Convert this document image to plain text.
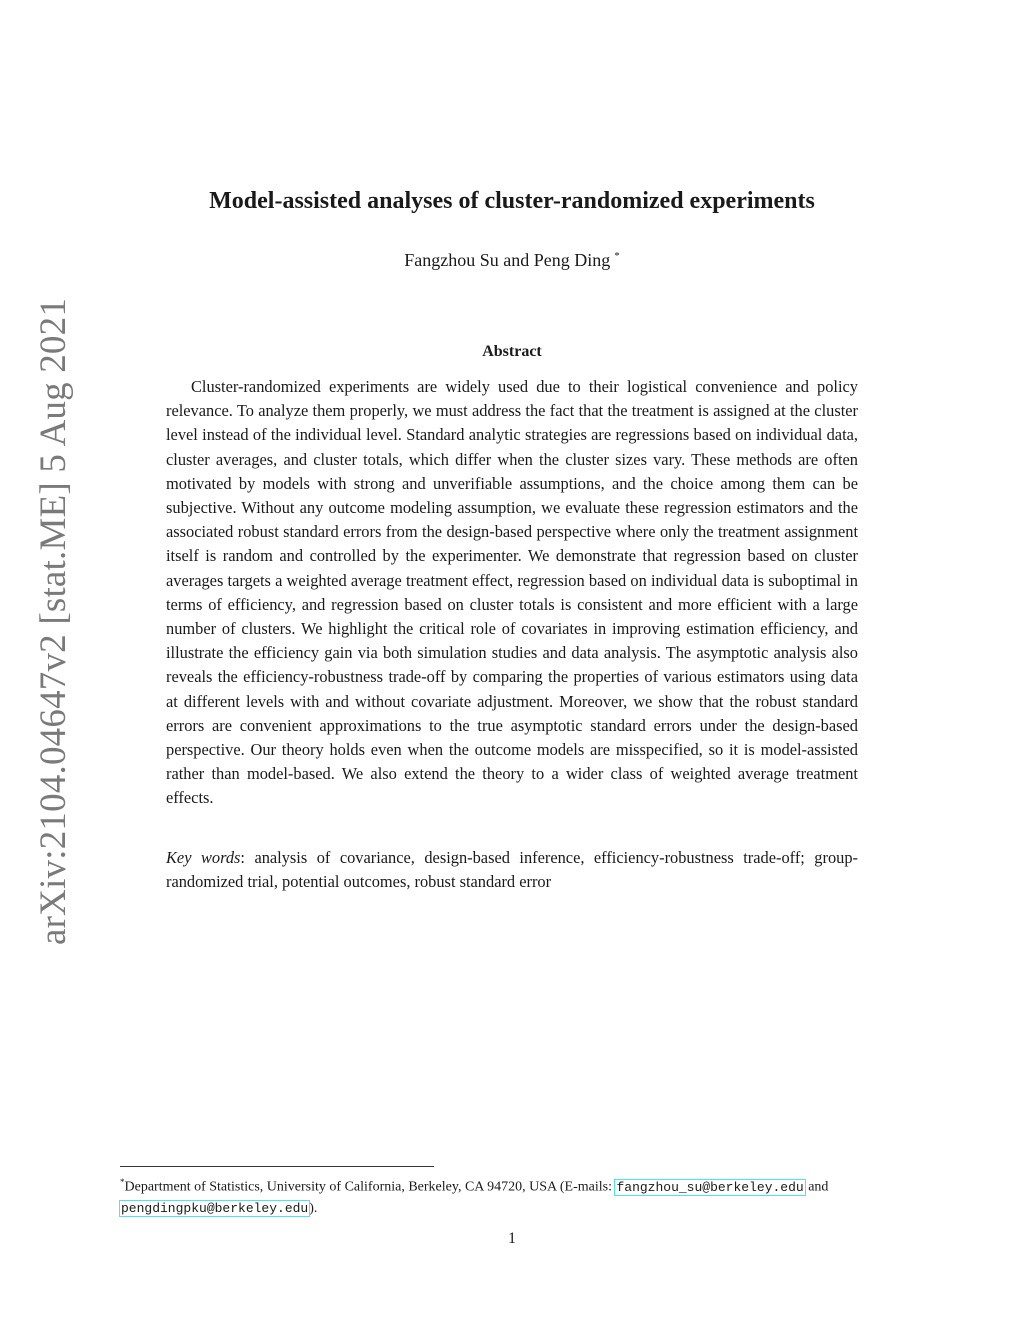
arXiv:2104.04647v2 [stat.ME] 5 Aug 2021
Model-assisted analyses of cluster-randomized experiments
Fangzhou Su and Peng Ding *
Abstract
Cluster-randomized experiments are widely used due to their logistical convenience and policy relevance. To analyze them properly, we must address the fact that the treatment is assigned at the cluster level instead of the individual level. Standard analytic strategies are regressions based on individual data, cluster averages, and cluster totals, which differ when the cluster sizes vary. These methods are often motivated by models with strong and unverifiable assumptions, and the choice among them can be subjective. Without any outcome modeling assumption, we evaluate these regression estimators and the associated robust standard errors from the design-based perspective where only the treatment assignment itself is random and controlled by the experimenter. We demonstrate that regression based on cluster averages targets a weighted average treatment effect, regression based on individual data is suboptimal in terms of efficiency, and regression based on cluster totals is consistent and more efficient with a large number of clusters. We highlight the critical role of covariates in improving estimation efficiency, and illustrate the efficiency gain via both simulation studies and data analysis. The asymptotic analysis also reveals the efficiency-robustness trade-off by comparing the properties of various estimators using data at different levels with and without covariate adjustment. Moreover, we show that the robust standard errors are convenient approximations to the true asymptotic standard errors under the design-based perspective. Our theory holds even when the outcome models are misspecified, so it is model-assisted rather than model-based. We also extend the theory to a wider class of weighted average treatment effects.
Key words: analysis of covariance, design-based inference, efficiency-robustness trade-off; group-randomized trial, potential outcomes, robust standard error
*Department of Statistics, University of California, Berkeley, CA 94720, USA (E-mails: fangzhou_su@berkeley.edu and pengdingpku@berkeley.edu).
1
